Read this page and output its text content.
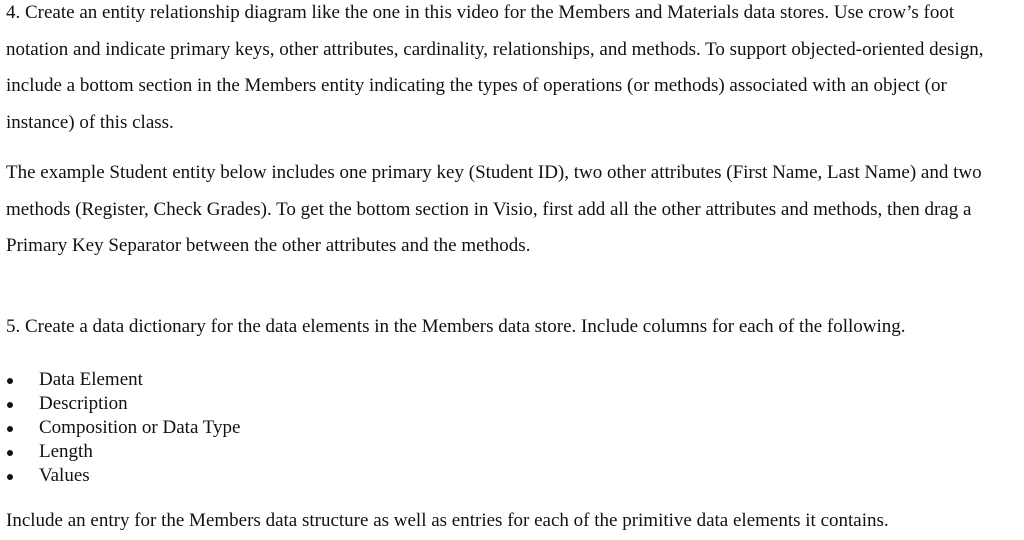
4. Create an entity relationship diagram like the one in this video for the Members and Materials data stores. Use crow’s foot notation and indicate primary keys, other attributes, cardinality, relationships, and methods. To support objected-oriented design, include a bottom section in the Members entity indicating the types of operations (or methods) associated with an object (or instance) of this class.

The example Student entity below includes one primary key (Student ID), two other attributes (First Name, Last Name) and two methods (Register, Check Grades). To get the bottom section in Visio, first add all the other attributes and methods, then drag a Primary Key Separator between the other attributes and the methods.

5. Create a data dictionary for the data elements in the Members data store. Include columns for each of the following.

Data Element
Description
Composition or Data Type
Length
Values

Include an entry for the Members data structure as well as entries for each of the primitive data elements it contains.
